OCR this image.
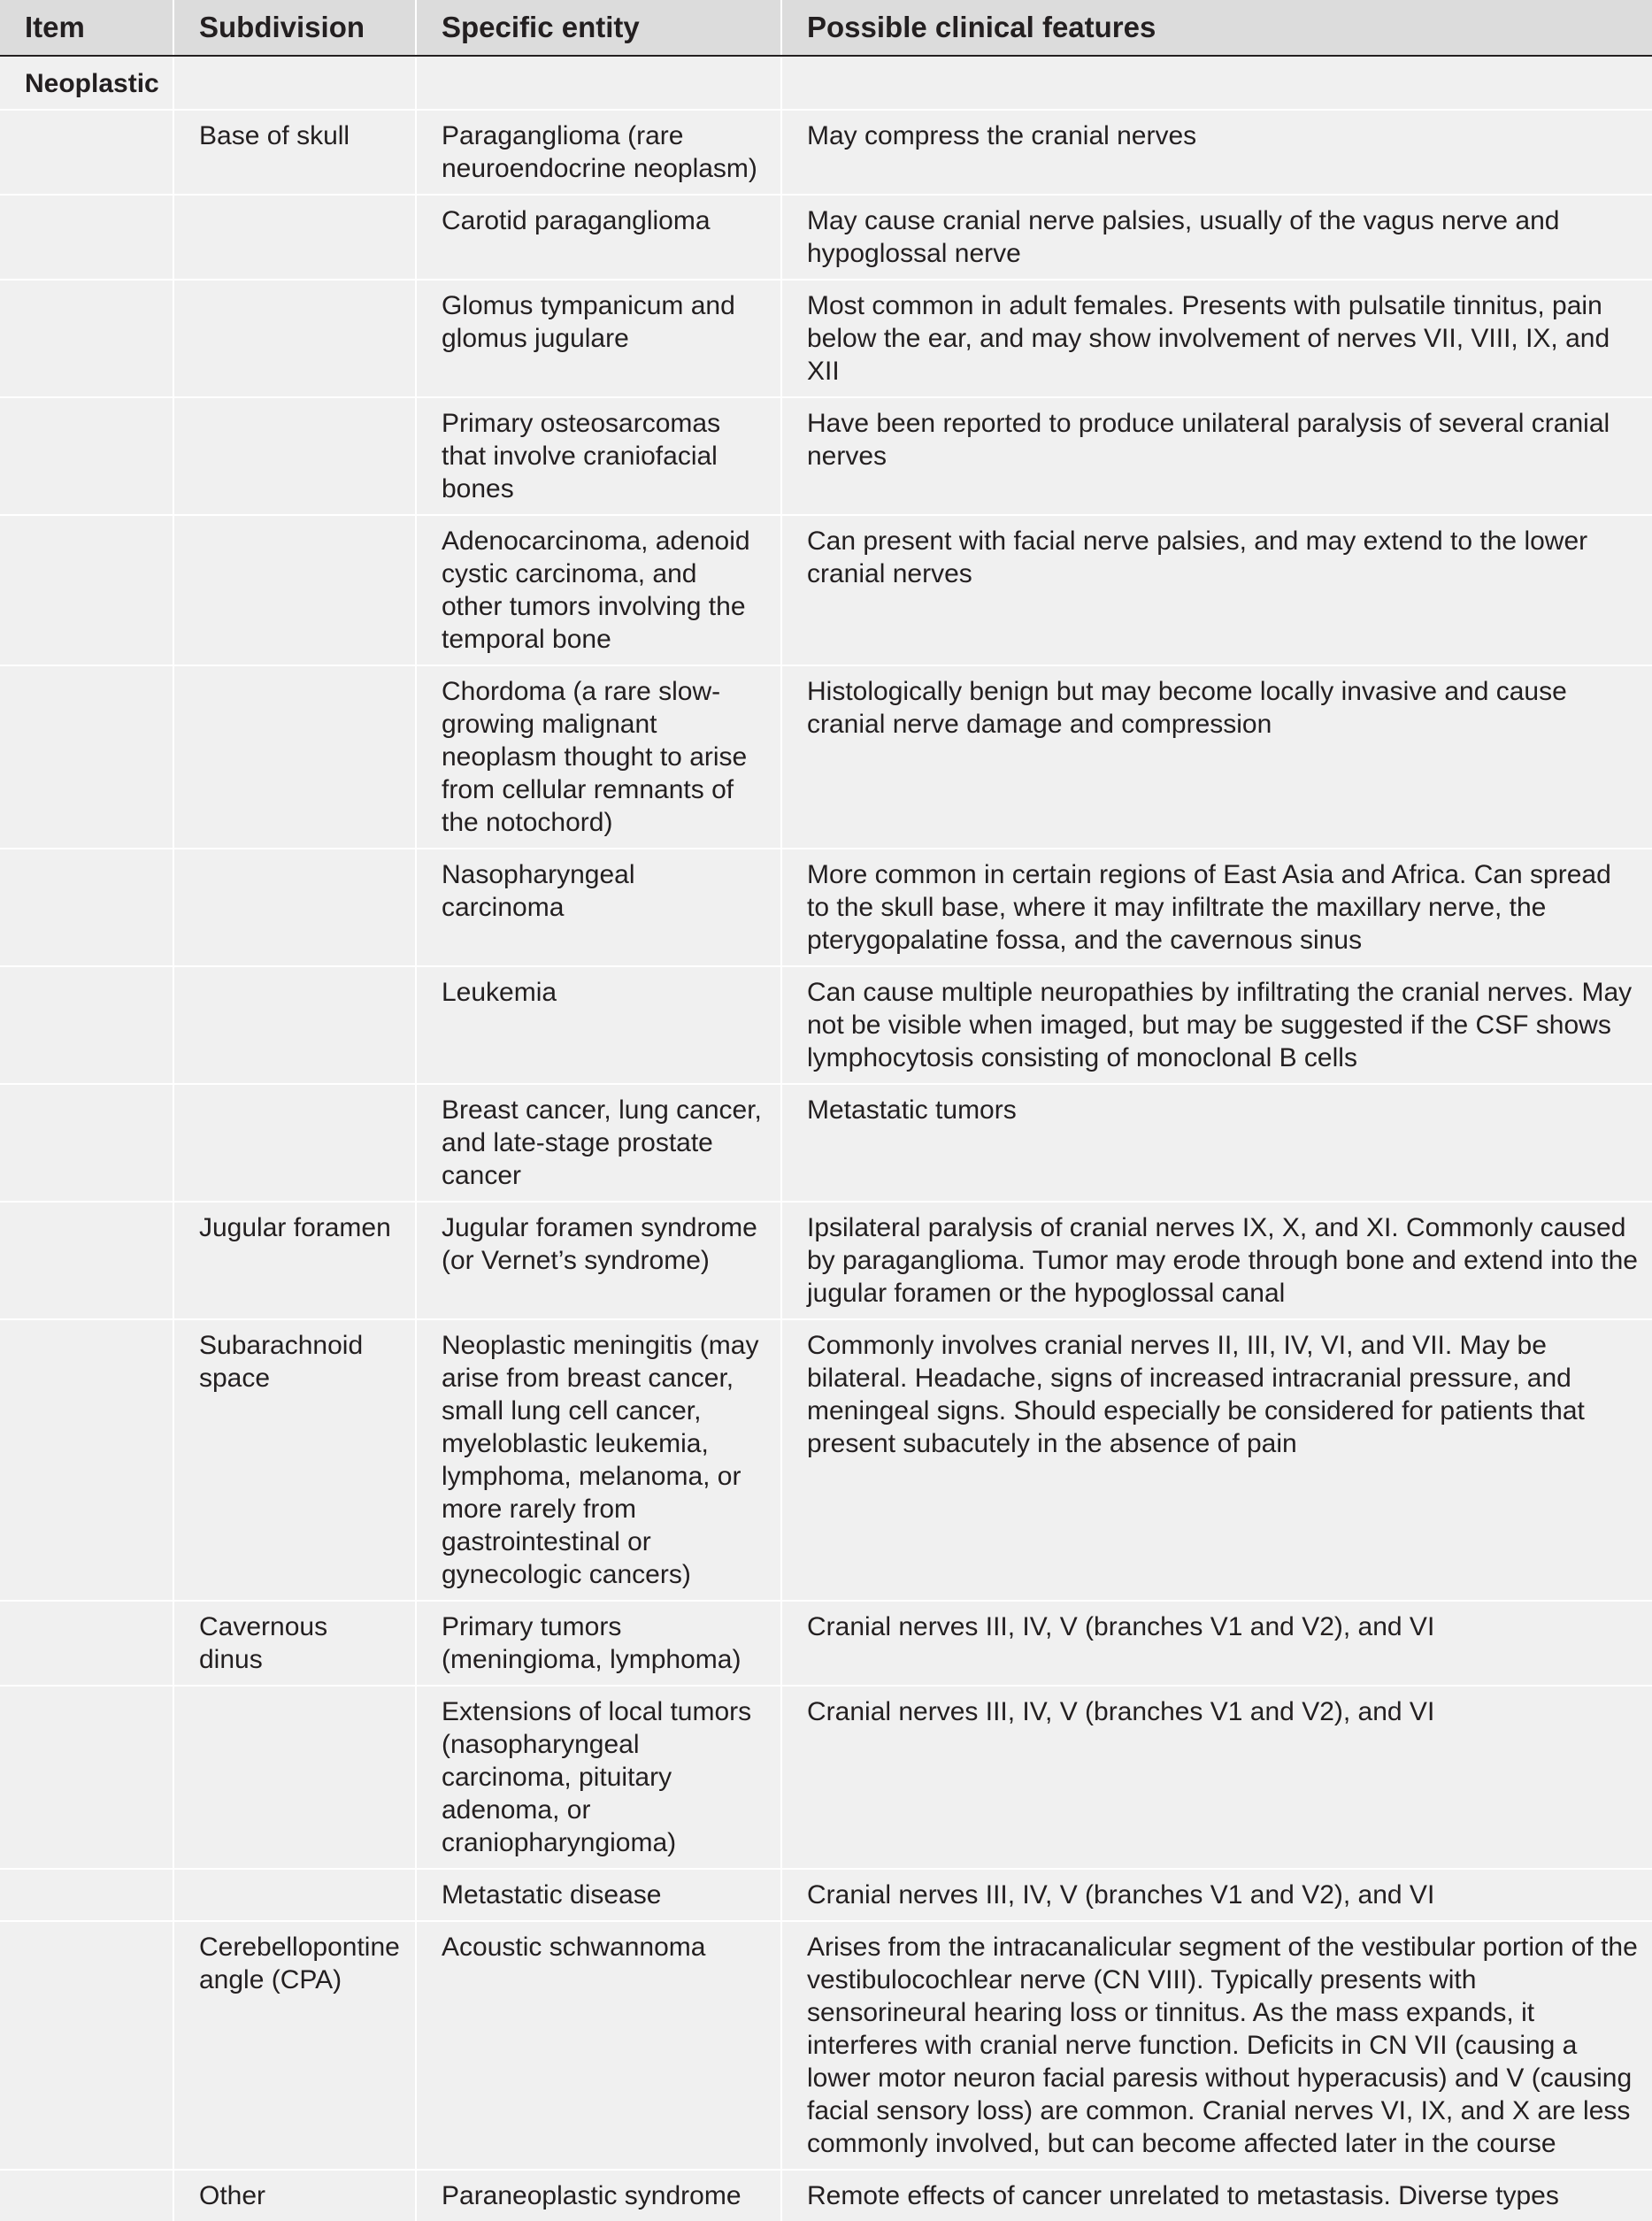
Item	Subdivision	Specific entity	Possible clinical features
Neoplastic			
	Base of skull	Paraganglioma (rare neuroendocrine neoplasm)	May compress the cranial nerves
		Carotid paraganglioma	May cause cranial nerve palsies, usually of the vagus nerve and hypoglossal nerve
		Glomus tympanicum and glomus jugulare	Most common in adult females. Presents with pulsatile tinnitus, pain below the ear, and may show involvement of nerves VII, VIII, IX, and XII
		Primary osteosarcomas that involve craniofacial bones	Have been reported to produce unilateral paralysis of several cranial nerves
		Adenocarcinoma, adenoid cystic carcinoma, and other tumors involving the temporal bone	Can present with facial nerve palsies, and may extend to the lower cranial nerves
		Chordoma (a rare slow-growing malignant neoplasm thought to arise from cellular remnants of the notochord)	Histologically benign but may become locally invasive and cause cranial nerve damage and compression
		Nasopharyngeal carcinoma	More common in certain regions of East Asia and Africa. Can spread to the skull base, where it may infiltrate the maxillary nerve, the pterygopalatine fossa, and the cavernous sinus
		Leukemia	Can cause multiple neuropathies by infiltrating the cranial nerves. May not be visible when imaged, but may be suggested if the CSF shows lymphocytosis consisting of monoclonal B cells
		Breast cancer, lung cancer, and late-stage prostate cancer	Metastatic tumors
	Jugular foramen	Jugular foramen syndrome (or Vernet’s syndrome)	Ipsilateral paralysis of cranial nerves IX, X, and XI. Commonly caused by paraganglioma. Tumor may erode through bone and extend into the jugular foramen or the hypoglossal canal
	Subarachnoid space	Neoplastic meningitis (may arise from breast cancer, small lung cell cancer, myeloblastic leukemia, lymphoma, melanoma, or more rarely from gastrointestinal or gynecologic cancers)	Commonly involves cranial nerves II, III, IV, VI, and VII. May be bilateral. Headache, signs of increased intracranial pressure, and meningeal signs. Should especially be considered for patients that present subacutely in the absence of pain
	Cavernous dinus	Primary tumors (meningioma, lymphoma)	Cranial nerves III, IV, V (branches V1 and V2), and VI
		Extensions of local tumors (nasopharyngeal carcinoma, pituitary adenoma, or craniopharyngioma)	Cranial nerves III, IV, V (branches V1 and V2), and VI
		Metastatic disease	Cranial nerves III, IV, V (branches V1 and V2), and VI
	Cerebellopontine angle (CPA)	Acoustic schwannoma	Arises from the intracanalicular segment of the vestibular portion of the vestibulocochlear nerve (CN VIII). Typically presents with sensorineural hearing loss or tinnitus. As the mass expands, it interferes with cranial nerve function. Deficits in CN VII (causing a lower motor neuron facial paresis without hyperacusis) and V (causing facial sensory loss) are common. Cranial nerves VI, IX, and X are less commonly involved, but can become affected later in the course
	Other	Paraneoplastic syndrome	Remote effects of cancer unrelated to metastasis. Diverse types
